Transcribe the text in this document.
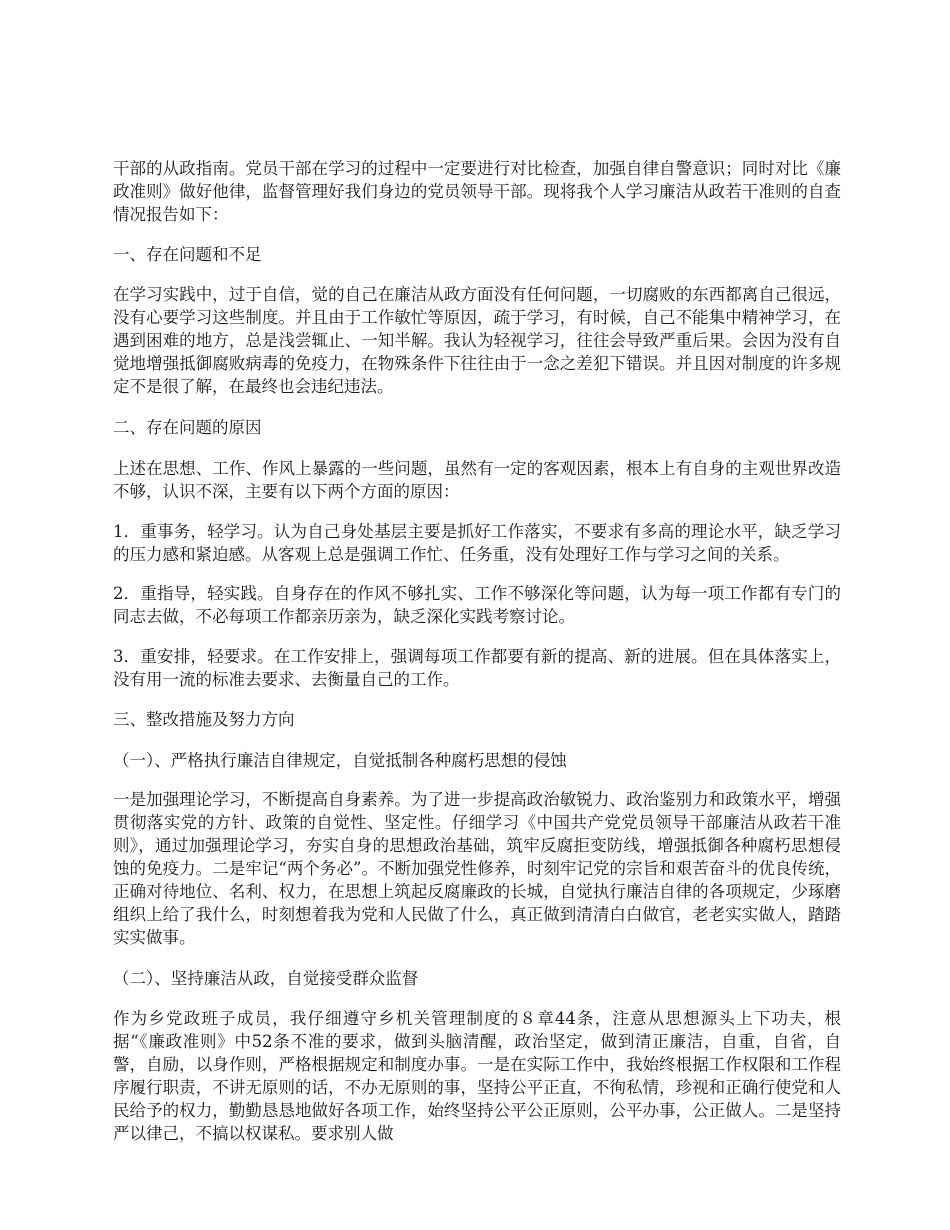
干部的从政指南。党员干部在学习的过程中一定要进行对比检查，加强自律自警意识；同时对比《廉政准则》做好他律，监督管理好我们身边的党员领导干部。现将我个人学习廉洁从政若干准则的自查情况报告如下：

一、存在问题和不足

在学习实践中，过于自信，觉的自己在廉洁从政方面没有任何问题，一切腐败的东西都离自己很远，没有心要学习这些制度。并且由于工作敏忙等原因，疏于学习，有时候，自己不能集中精神学习，在遇到困难的地方，总是浅尝辄止、一知半解。我认为轻视学习，往往会导致严重后果。会因为没有自觉地增强抵御腐败病毒的免疫力，在物殊条件下往往由于一念之差犯下错误。并且因对制度的许多规定不是很了解，在最终也会违纪违法。

二、存在问题的原因

上述在思想、工作、作风上暴露的一些问题，虽然有一定的客观因素，根本上有自身的主观世界改造不够，认识不深，主要有以下两个方面的原因：

1．重事务，轻学习。认为自己身处基层主要是抓好工作落实，不要求有多高的理论水平，缺乏学习的压力感和紧迫感。从客观上总是强调工作忙、任务重，没有处理好工作与学习之间的关系。

2．重指导，轻实践。自身存在的作风不够扎实、工作不够深化等问题，认为每一项工作都有专门的同志去做，不必每项工作都亲历亲为，缺乏深化实践考察讨论。

3．重安排，轻要求。在工作安排上，强调每项工作都要有新的提高、新的进展。但在具体落实上，没有用一流的标准去要求、去衡量自己的工作。

三、整改措施及努力方向

（一）、严格执行廉洁自律规定，自觉抵制各种腐朽思想的侵蚀

一是加强理论学习，不断提高自身素养。为了进一步提高政治敏锐力、政治鉴别力和政策水平，增强贯彻落实党的方针、政策的自觉性、坚定性。仔细学习《中国共产党党员领导干部廉洁从政若干准则》，通过加强理论学习，夯实自身的思想政治基础，筑牢反腐拒变防线，增强抵御各种腐朽思想侵蚀的免疫力。二是牢记“两个务必”。不断加强党性修养，时刻牢记党的宗旨和艰苦奋斗的优良传统，正确对待地位、名利、权力，在思想上筑起反腐廉政的长城，自觉执行廉洁自律的各项规定，少琢磨组织上给了我什么，时刻想着我为党和人民做了什么，真正做到清清白白做官，老老实实做人，踏踏实实做事。

（二）、坚持廉洁从政，自觉接受群众监督

作为乡党政班子成员，我仔细遵守乡机关管理制度的８章44条，注意从思想源头上下功夫，根据“《廉政准则》中52条不准的要求，做到头脑清醒，政治坚定，做到清正廉洁，自重，自省，自警，自励，以身作则，严格根据规定和制度办事。一是在实际工作中，我始终根据工作权限和工作程序履行职责，不讲无原则的话，不办无原则的事，坚持公平正直，不徇私情，珍视和正确行使党和人民给予的权力，勤勤恳恳地做好各项工作，始终坚持公平公正原则，公平办事，公正做人。二是坚持严以律己，不搞以权谋私。要求别人做
